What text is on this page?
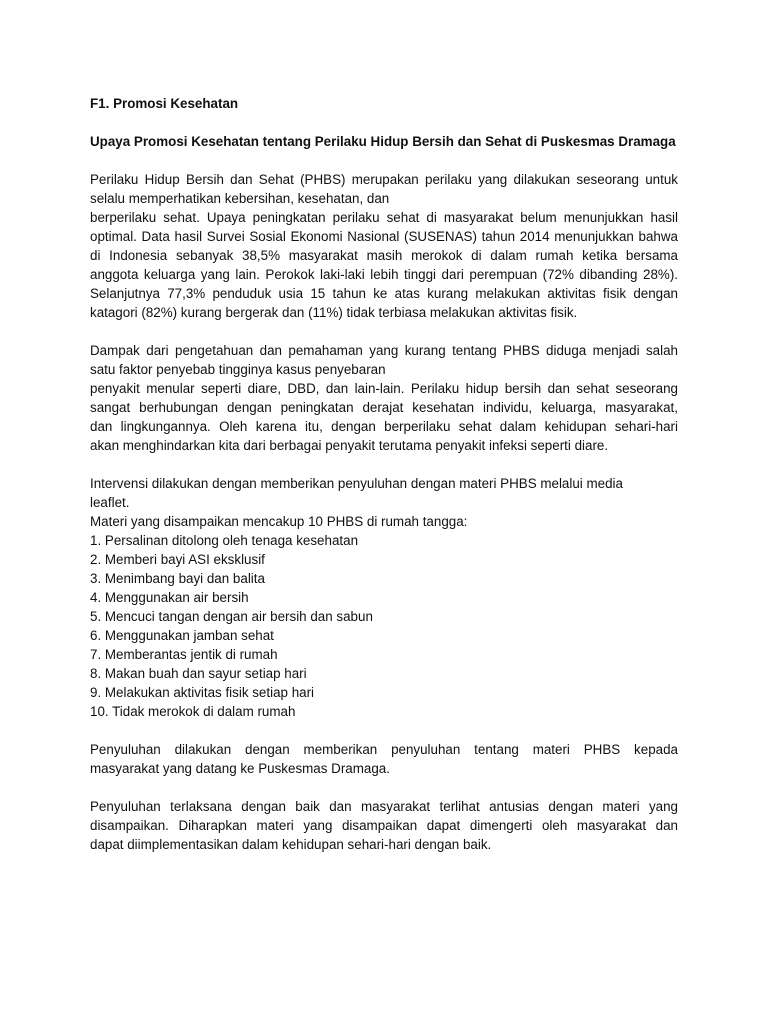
F1. Promosi Kesehatan
Upaya Promosi Kesehatan tentang Perilaku Hidup Bersih dan Sehat di Puskesmas Dramaga
Perilaku Hidup Bersih dan Sehat (PHBS) merupakan perilaku yang dilakukan seseorang untuk
selalu memperhatikan kebersihan, kesehatan, dan
berperilaku sehat. Upaya peningkatan perilaku sehat di masyarakat belum menunjukkan hasil
optimal. Data hasil Survei Sosial Ekonomi Nasional (SUSENAS) tahun 2014 menunjukkan bahwa
di Indonesia sebanyak 38,5% masyarakat masih merokok di dalam rumah ketika bersama
anggota keluarga yang lain. Perokok laki-laki lebih tinggi dari perempuan (72% dibanding 28%).
Selanjutnya 77,3% penduduk usia 15 tahun ke atas kurang melakukan aktivitas fisik dengan
katagori (82%) kurang bergerak dan (11%) tidak terbiasa melakukan aktivitas fisik.
Dampak dari pengetahuan dan pemahaman yang kurang tentang PHBS diduga menjadi salah
satu faktor penyebab tingginya kasus penyebaran
penyakit menular seperti diare, DBD, dan lain-lain. Perilaku hidup bersih dan sehat seseorang
sangat berhubungan dengan peningkatan derajat kesehatan individu, keluarga, masyarakat,
dan lingkungannya. Oleh karena itu, dengan berperilaku sehat dalam kehidupan sehari-hari
akan menghindarkan kita dari berbagai penyakit terutama penyakit infeksi seperti diare.
Intervensi dilakukan dengan memberikan penyuluhan dengan materi PHBS melalui media
leaflet.
Materi yang disampaikan mencakup 10 PHBS di rumah tangga:
1. Persalinan ditolong oleh tenaga kesehatan
2. Memberi bayi ASI eksklusif
3. Menimbang bayi dan balita
4. Menggunakan air bersih
5. Mencuci tangan dengan air bersih dan sabun
6. Menggunakan jamban sehat
7. Memberantas jentik di rumah
8. Makan buah dan sayur setiap hari
9. Melakukan aktivitas fisik setiap hari
10. Tidak merokok di dalam rumah
Penyuluhan dilakukan dengan memberikan penyuluhan tentang materi PHBS kepada
masyarakat yang datang ke Puskesmas Dramaga.
Penyuluhan terlaksana dengan baik dan masyarakat terlihat antusias dengan materi yang
disampaikan. Diharapkan materi yang disampaikan dapat dimengerti oleh masyarakat dan
dapat diimplementasikan dalam kehidupan sehari-hari dengan baik.
